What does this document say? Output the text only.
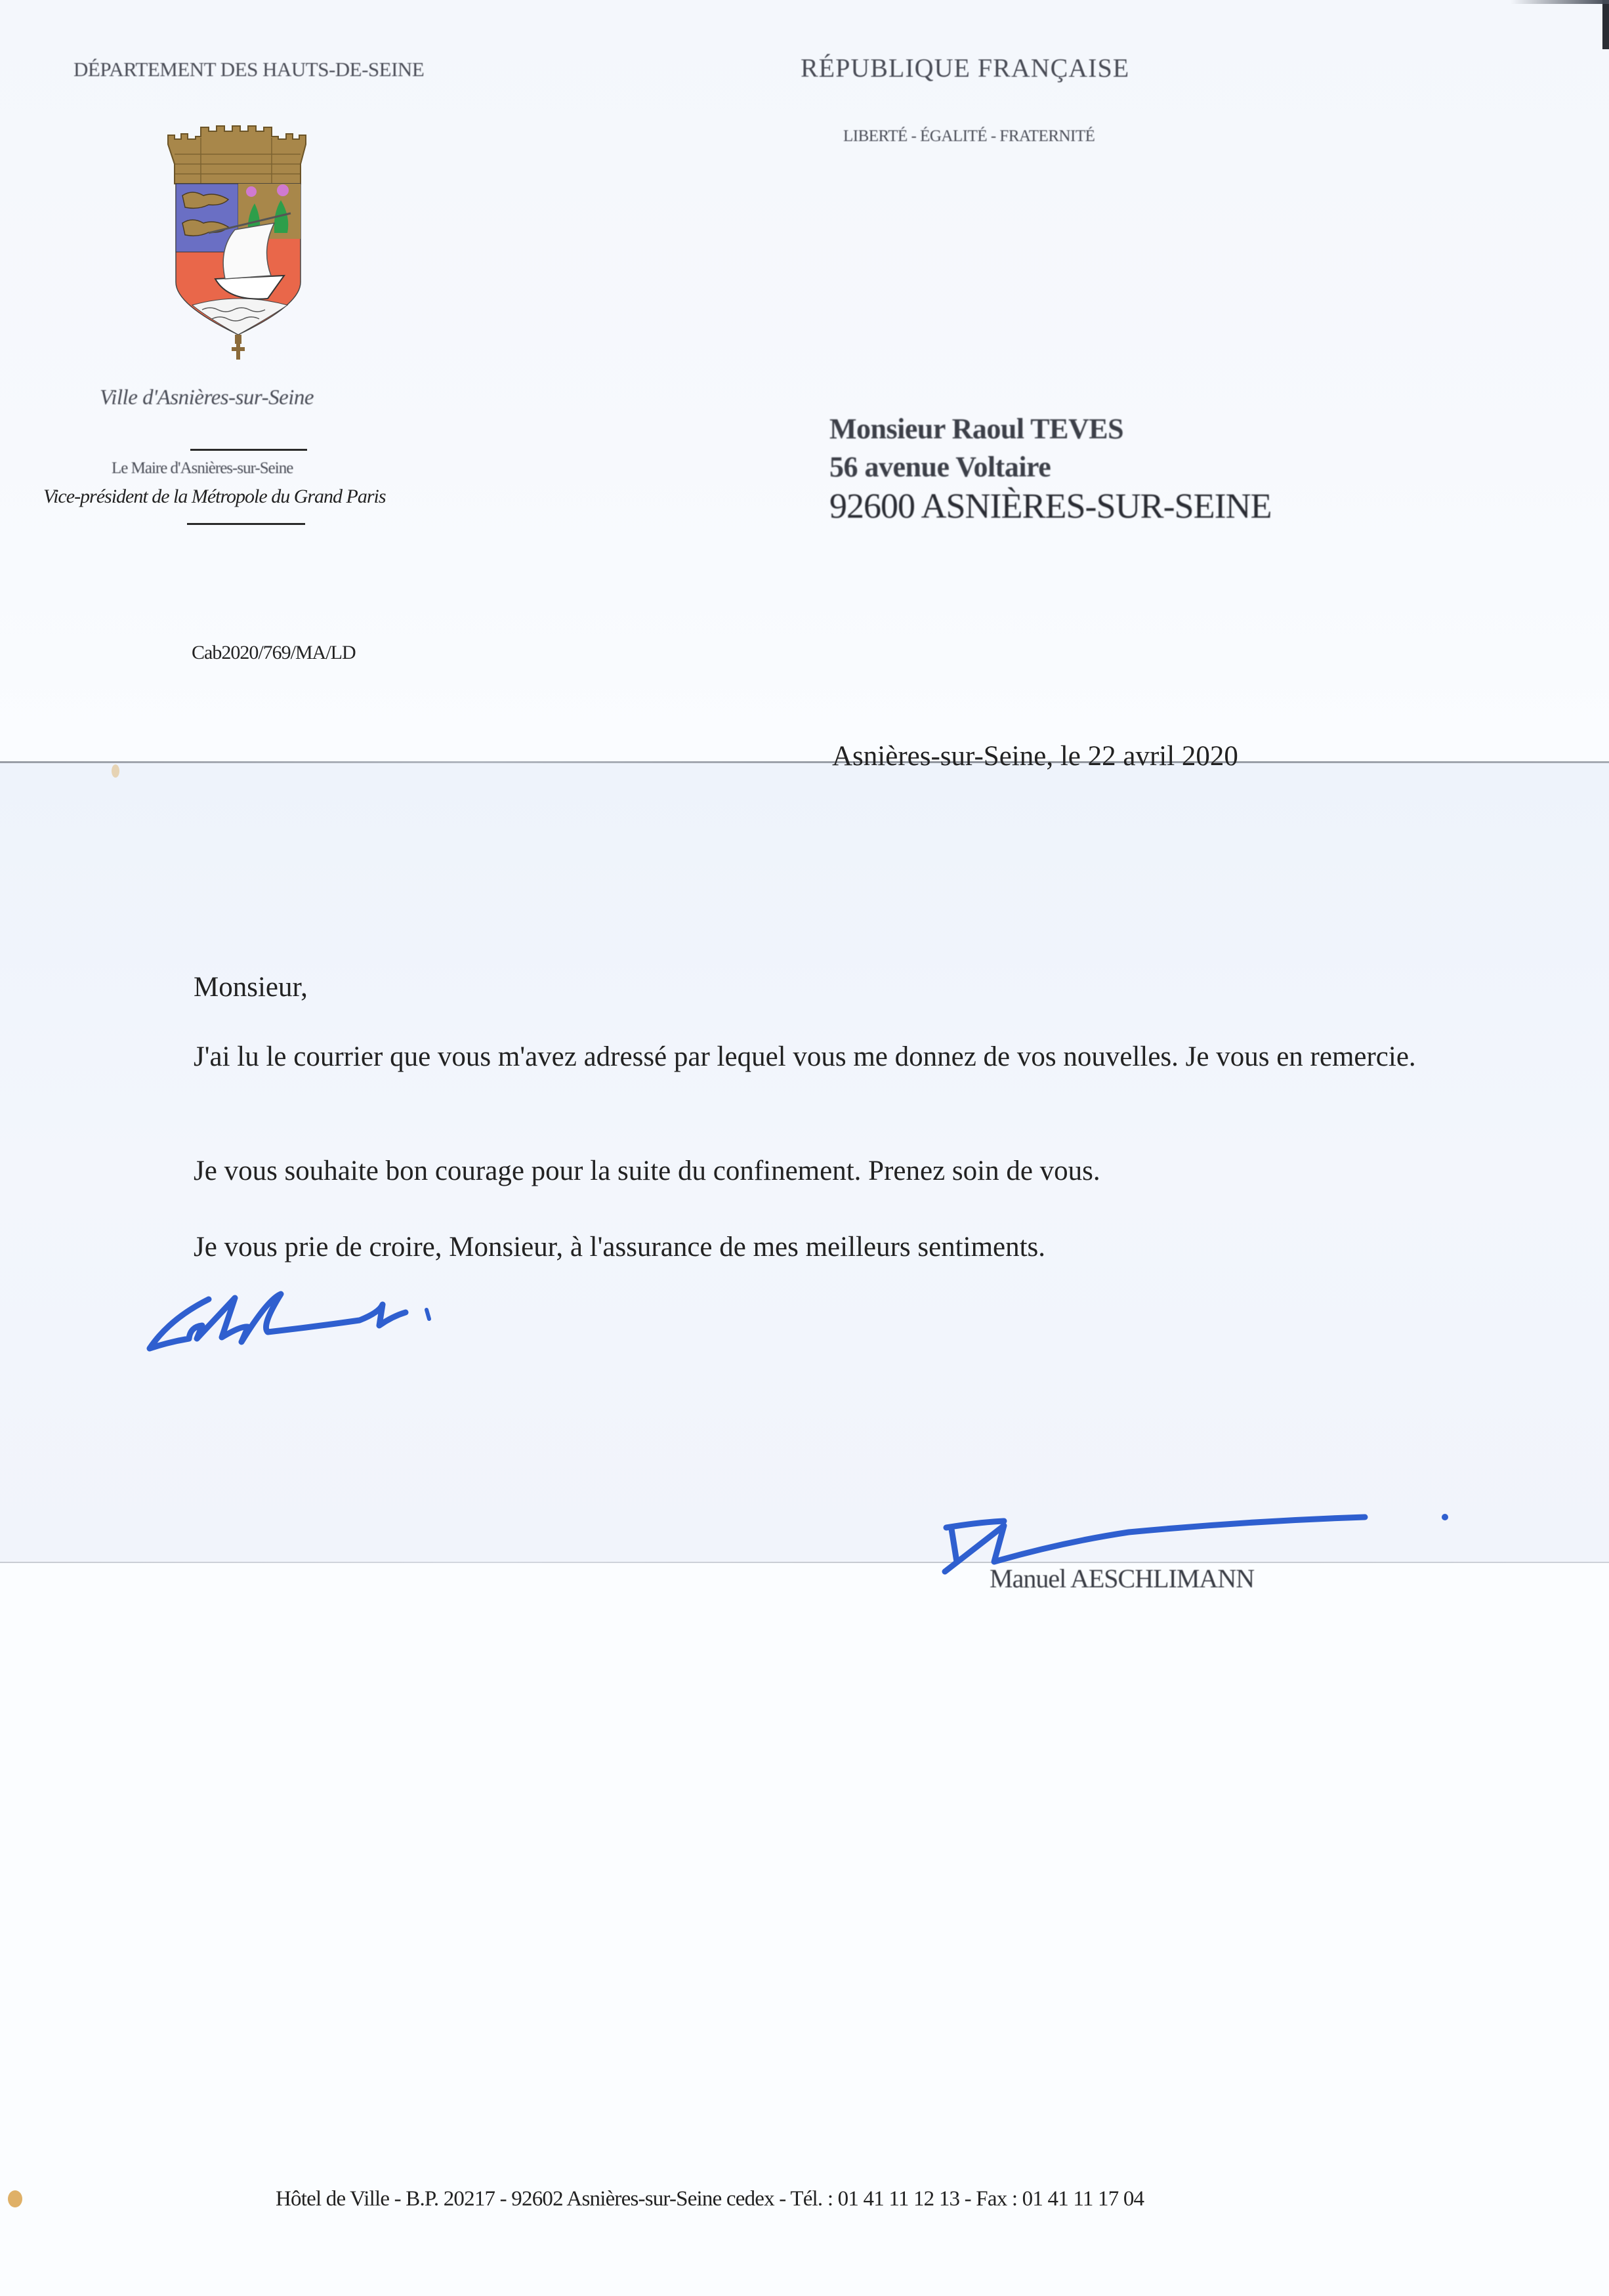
DÉPARTEMENT DES HAUTS-DE-SEINE	RÉPUBLIQUE FRANÇAISE
LIBERTÉ - ÉGALITÉ - FRATERNITÉ
Ville d'Asnières-sur-Seine
Le Maire d'Asnières-sur-Seine
Vice-président de la Métropole du Grand Paris
Cab2020/769/MA/LD
Monsieur Raoul TEVES
56 avenue Voltaire
92600 ASNIÈRES-SUR-SEINE
Asnières-sur-Seine, le 22 avril 2020
Monsieur,
J'ai lu le courrier que vous m'avez adressé par lequel vous me donnez de vos nouvelles. Je vous en remercie.
Je vous souhaite bon courage pour la suite du confinement. Prenez soin de vous.
Je vous prie de croire, Monsieur, à l'assurance de mes meilleurs sentiments.
Manuel AESCHLIMANN
Hôtel de Ville - B.P. 20217 - 92602 Asnières-sur-Seine cedex - Tél. : 01 41 11 12 13 - Fax : 01 41 11 17 04
